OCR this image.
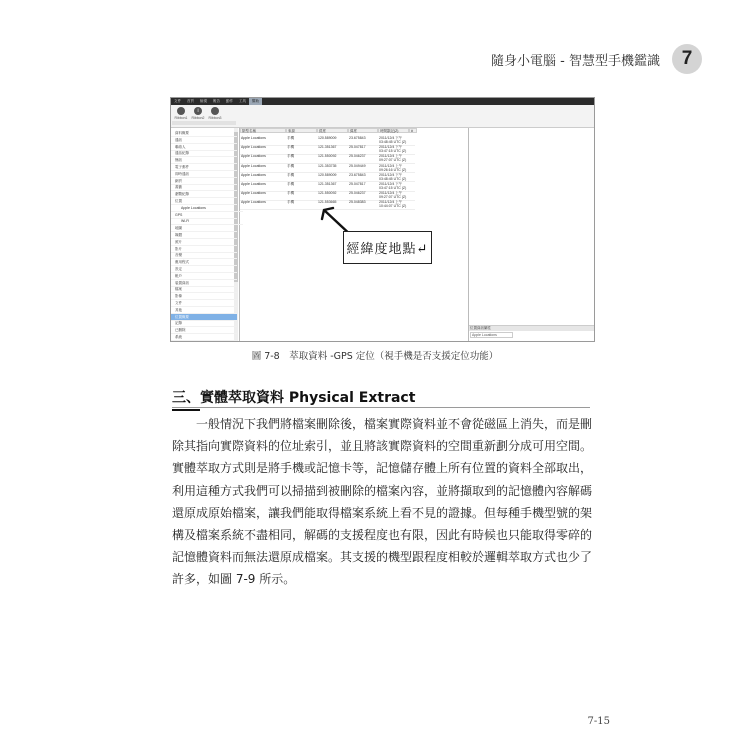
隨身小電腦 - 智慧型手機鑑識	7
文件	首頁	檢視	報告	動作	工具	幫助
Ribbon1
i
Ribbon2 Ribbon3
資料概要
通訊
聯絡人
通話紀錄
簡訊
電子郵件
即時通訊
網頁
書籤
瀏覽紀錄
位置
Apple Locations
GPS
Wi-Fi
地圖
媒體
照片
影片
音樂
應用程式
設定
帳戶
裝置資訊
檔案
影像
文件
其他
位置概要
記錄
已刪除
系統
類型名稱	來源	經度	緯度	時間戳記(Z)	#
Apple Locations	手機	120.589009	23.675843	2011/12/4 下午
03:48:45 UTC (Z)
Apple Locations	手機	121.351367	25.047817	2011/12/4 下午
03:47:15 UTC (Z)
Apple Locations	手機	121.550092	25.046237	2011/12/4 上午
09:27:07 UTC (Z)
Apple Locations	手機	121.353735	25.049449	2011/12/4 上午
09:26:16 UTC (Z)
Apple Locations	手機	120.589009	23.675843	2011/12/4 下午
03:48:45 UTC (Z)
Apple Locations	手機	121.351367	25.047817	2011/12/4 下午
03:47:15 UTC (Z)
Apple Locations	手機	121.550092	25.046237	2011/12/4 上午
09:27:07 UTC (Z)
Apple Locations	手機	121.553665	25.048383	2011/12/4 上午
10:44:07 UTC (Z)
位置資訊屬性
Apple Locations
經緯度地點↵
圖 7-8　萃取資料 -GPS 定位（視手機是否支援定位功能）
三、實體萃取資料 Physical Extract
　　一般情況下我們將檔案刪除後，檔案實際資料並不會從磁區上消失，而是刪
除其指向實際資料的位址索引，並且將該實際資料的空間重新劃分成可用空間。
實體萃取方式則是將手機或記憶卡等，記憶儲存體上所有位置的資料全部取出，
利用這種方式我們可以掃描到被刪除的檔案內容，並將擷取到的記憶體內容解碼
還原成原始檔案，讓我們能取得檔案系統上看不見的證據。但每種手機型號的架
構及檔案系統不盡相同，解碼的支援程度也有限，因此有時候也只能取得零碎的
記憶體資料而無法還原成檔案。其支援的機型跟程度相較於邏輯萃取方式也少了
許多，如圖 7-9 所示。
7-15
